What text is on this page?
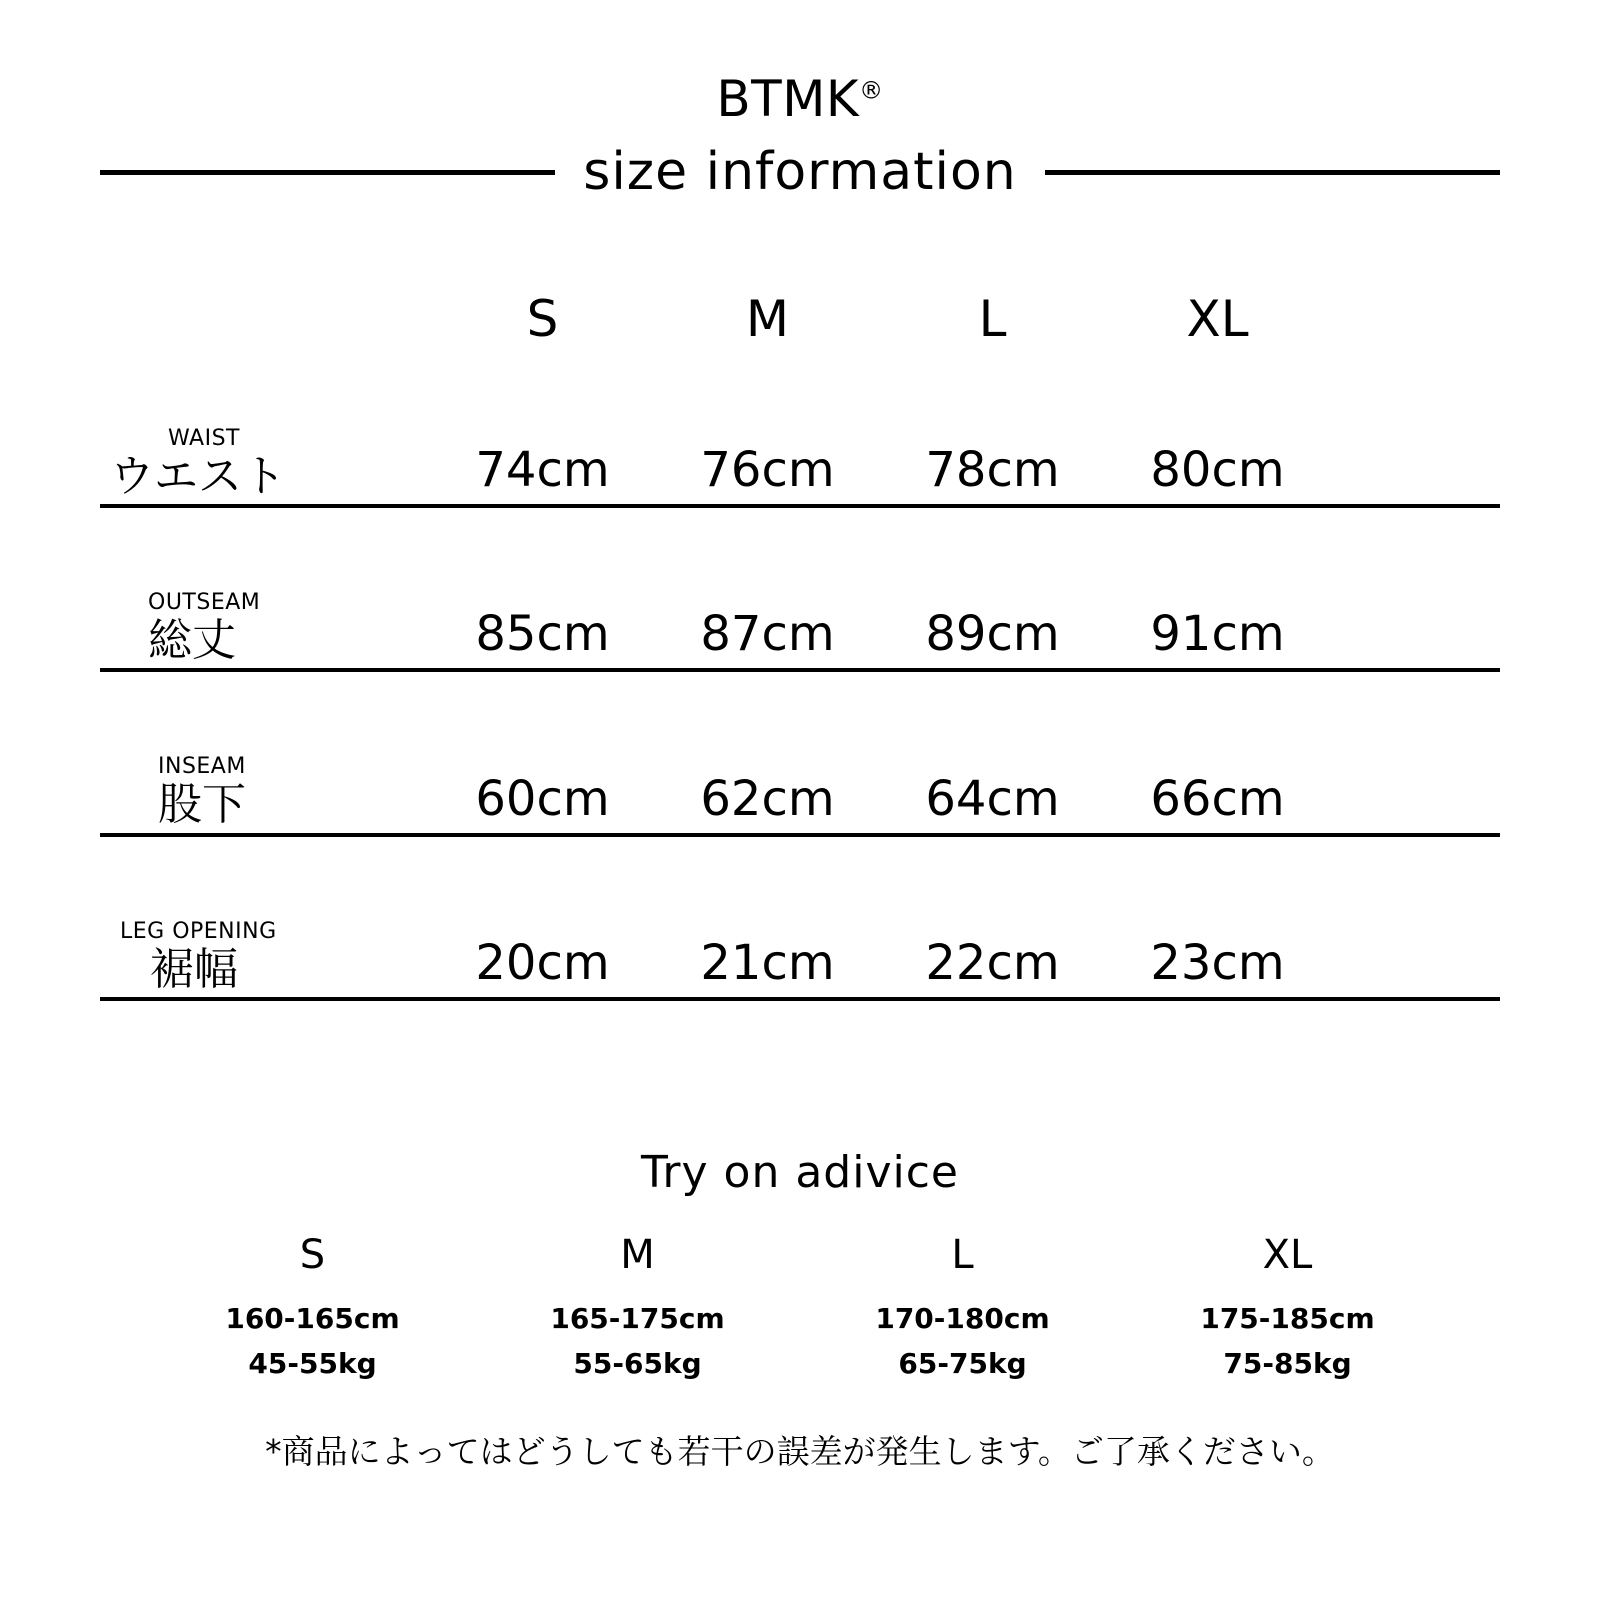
BTMK®
size information
S	M	L	XL
WAIST
ウエスト	74cm	76cm	78cm	80cm
OUTSEAM
総丈	85cm	87cm	89cm	91cm
INSEAM
股下	60cm	62cm	64cm	66cm
LEG OPENING
裾幅	20cm	21cm	22cm	23cm
Try on adivice
S
160-165cm
45-55kg
M
165-175cm
55-65kg
L
170-180cm
65-75kg
XL
175-185cm
75-85kg
*商品によってはどうしても若干の誤差が発生します。ご了承ください。
